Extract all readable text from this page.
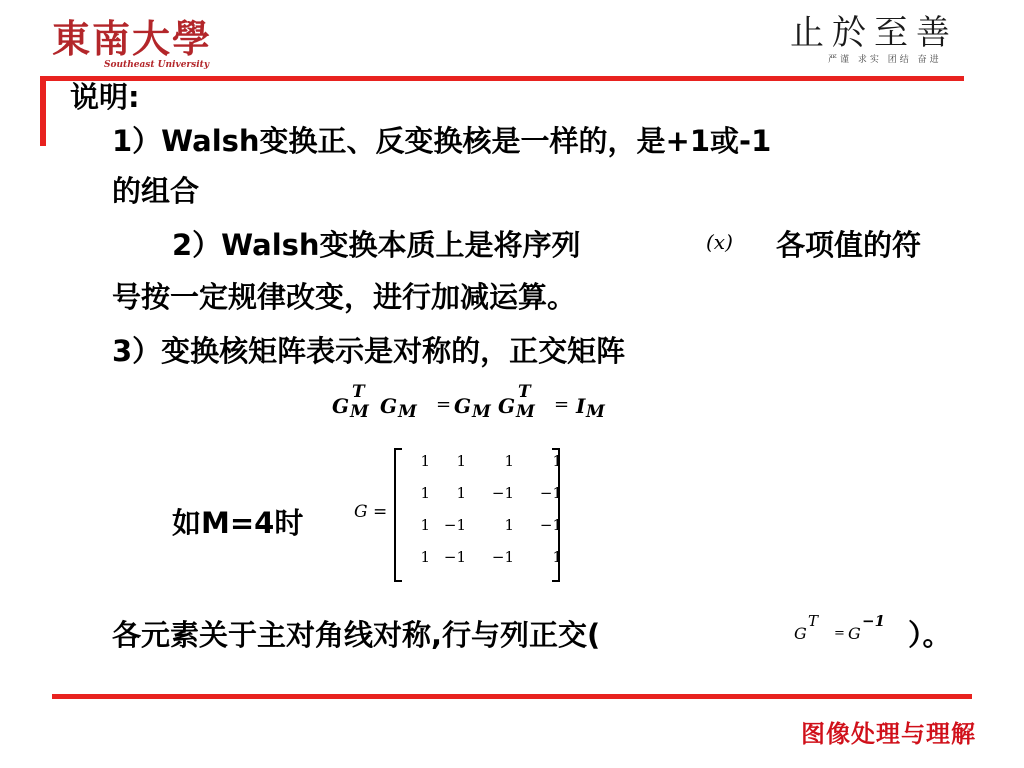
東南大學
Southeast University
止於至善
严谨 求实 团结 奋进
说明:
1）Walsh变换正、反变换核是一样的，是+1或-1
的组合
2）Walsh变换本质上是将序列	(x) 各项值的符
号按一定规律改变，进行加减运算。
3）变换核矩阵表示是对称的，正交矩阵
G
T
M G M = G M G
T
M = I M
如M=4时	G =
1	1	1	1
1	1	−1	−1
1 −1	1	−1
1 −1	−1	1
各元素关于主对角线对称,行与列正交(	G
T
= G
−1 ）。
图像处理与理解
